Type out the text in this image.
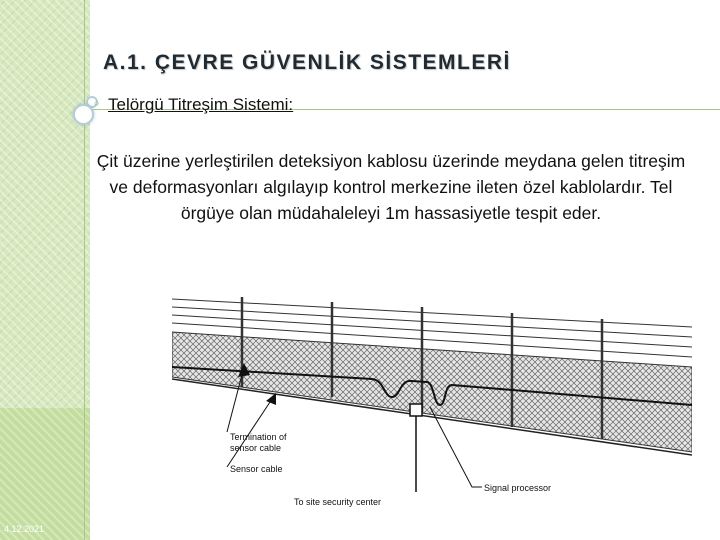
4.12.2021
A.1. ÇEVRE GÜVENLİK SİSTEMLERİ
○ Telörgü Titreşim Sistemi:

Çit üzerine yerleştirilen deteksiyon kablosu üzerinde meydana gelen titreşim ve deformasyonları algılayıp kontrol merkezine ileten özel kablolardır. Tel örgüye olan müdahaleleyi 1m hassasiyetle tespit eder.

Termination of
sensor cable
Sensor cable
To site security center
Signal processor
